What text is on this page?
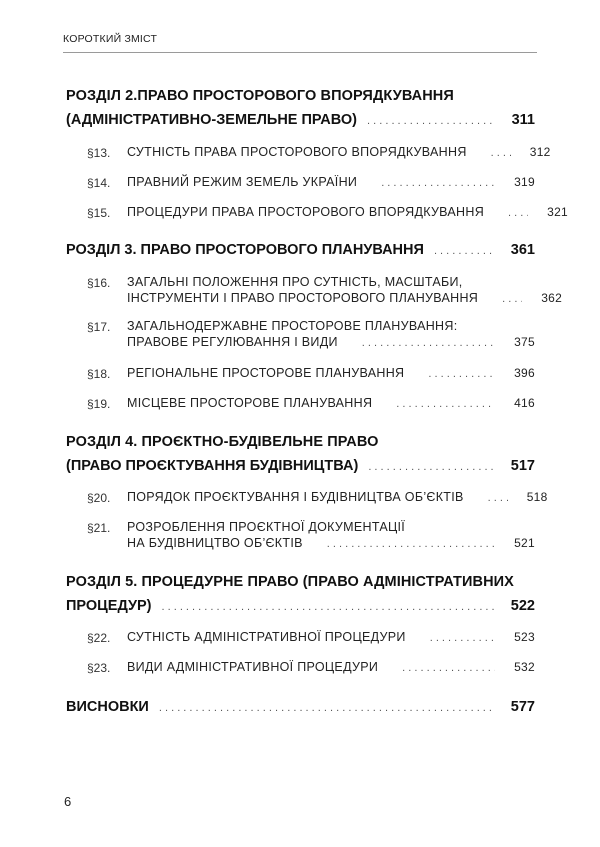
КОРОТКИЙ ЗМІСТ
РОЗДІЛ 2.ПРАВО ПРОСТОРОВОГО ВПОРЯДКУВАННЯ
(АДМІНІСТРАТИВНО-ЗЕМЕЛЬНЕ ПРАВО) . . .	311
§13. СУТНІСТЬ ПРАВА ПРОСТОРОВОГО ВПОРЯДКУВАННЯ . . .	312
§14. ПРАВНИЙ РЕЖИМ ЗЕМЕЛЬ УКРАЇНИ . . .	319
§15. ПРОЦЕДУРИ ПРАВА ПРОСТОРОВОГО ВПОРЯДКУВАННЯ . . .	321
РОЗДІЛ 3. ПРАВО ПРОСТОРОВОГО ПЛАНУВАННЯ . . .	361
§16. ЗАГАЛЬНІ ПОЛОЖЕННЯ ПРО СУТНІСТЬ, МАСШТАБИ,
ІНСТРУМЕНТИ І ПРАВО ПРОСТОРОВОГО ПЛАНУВАННЯ . . .	362
§17. ЗАГАЛЬНОДЕРЖАВНЕ ПРОСТОРОВЕ ПЛАНУВАННЯ:
ПРАВОВЕ РЕГУЛЮВАННЯ І ВИДИ . . .	375
§18. РЕГІОНАЛЬНЕ ПРОСТОРОВЕ ПЛАНУВАННЯ . . .	396
§19. МІСЦЕВЕ ПРОСТОРОВЕ ПЛАНУВАННЯ . . .	416
РОЗДІЛ 4. ПРОЄКТНО-БУДІВЕЛЬНЕ ПРАВО
(ПРАВО ПРОЄКТУВАННЯ БУДІВНИЦТВА) . . .	517
§20. ПОРЯДОК ПРОЄКТУВАННЯ І БУДІВНИЦТВА ОБ’ЄКТІВ . . .	518
§21. РОЗРОБЛЕННЯ ПРОЄКТНОЇ ДОКУМЕНТАЦІЇ
НА БУДІВНИЦТВО ОБ’ЄКТІВ . . .	521
РОЗДІЛ 5. ПРОЦЕДУРНЕ ПРАВО (ПРАВО АДМІНІСТРАТИВНИХ
ПРОЦЕДУР) . . .	522
§22. СУТНІСТЬ АДМІНІСТРАТИВНОЇ ПРОЦЕДУРИ . . .	523
§23. ВИДИ АДМІНІСТРАТИВНОЇ ПРОЦЕДУРИ . . .	532
ВИСНОВКИ . . .	577
6
